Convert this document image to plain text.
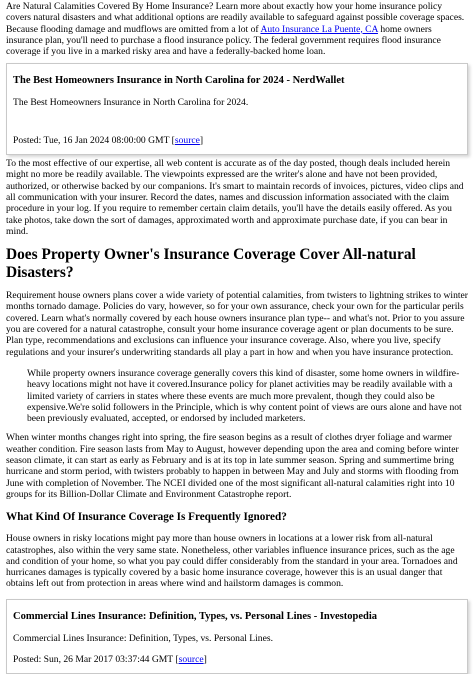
Are Natural Calamities Covered By Home Insurance? Learn more about exactly how your home insurance policy covers natural disasters and what additional options are readily available to safeguard against possible coverage spaces. Because flooding damage and mudflows are omitted from a lot of Auto Insurance La Puente, CA home owners insurance plan, you'll need to purchase a flood insurance policy. The federal government requires flood insurance coverage if you live in a marked risky area and have a federally-backed home loan.

The Best Homeowners Insurance in North Carolina for 2024 - NerdWallet

The Best Homeowners Insurance in North Carolina for 2024.

Posted: Tue, 16 Jan 2024 08:00:00 GMT [source]

To the most effective of our expertise, all web content is accurate as of the day posted, though deals included herein might no more be readily available. The viewpoints expressed are the writer's alone and have not been provided, authorized, or otherwise backed by our companions. It's smart to maintain records of invoices, pictures, video clips and all communication with your insurer. Record the dates, names and discussion information associated with the claim procedure in your log. If you require to remember certain claim details, you'll have the details easily offered. As you take photos, take down the sort of damages, approximated worth and approximate purchase date, if you can bear in mind.

Does Property Owner's Insurance Coverage Cover All-natural Disasters?

Requirement house owners plans cover a wide variety of potential calamities, from twisters to lightning strikes to winter months tornado damage. Policies do vary, however, so for your own assurance, check your own for the particular perils covered. Learn what's normally covered by each house owners insurance plan type-- and what's not. Prior to you assure you are covered for a natural catastrophe, consult your home insurance coverage agent or plan documents to be sure. Plan type, recommendations and exclusions can influence your insurance coverage. Also, where you live, specify regulations and your insurer's underwriting standards all play a part in how and when you have insurance protection.

While property owners insurance coverage generally covers this kind of disaster, some home owners in wildfire-heavy locations might not have it covered.Insurance policy for planet activities may be readily available with a limited variety of carriers in states where these events are much more prevalent, though they could also be expensive.We're solid followers in the Principle, which is why content point of views are ours alone and have not been previously evaluated, accepted, or endorsed by included marketers.

When winter months changes right into spring, the fire season begins as a result of clothes dryer foliage and warmer weather condition. Fire season lasts from May to August, however depending upon the area and coming before winter season climate, it can start as early as February and is at its top in late summer season. Spring and summertime bring hurricane and storm period, with twisters probably to happen in between May and July and storms with flooding from June with completion of November. The NCEI divided one of the most significant all-natural calamities right into 10 groups for its Billion-Dollar Climate and Environment Catastrophe report.

What Kind Of Insurance Coverage Is Frequently Ignored?

House owners in risky locations might pay more than house owners in locations at a lower risk from all-natural catastrophes, also within the very same state. Nonetheless, other variables influence insurance prices, such as the age and condition of your home, so what you pay could differ considerably from the standard in your area. Tornadoes and hurricanes damages is typically covered by a basic home insurance coverage, however this is an usual danger that obtains left out from protection in areas where wind and hailstorm damages is common.

Commercial Lines Insurance: Definition, Types, vs. Personal Lines - Investopedia

Commercial Lines Insurance: Definition, Types, vs. Personal Lines.

Posted: Sun, 26 Mar 2017 03:37:44 GMT [source]
